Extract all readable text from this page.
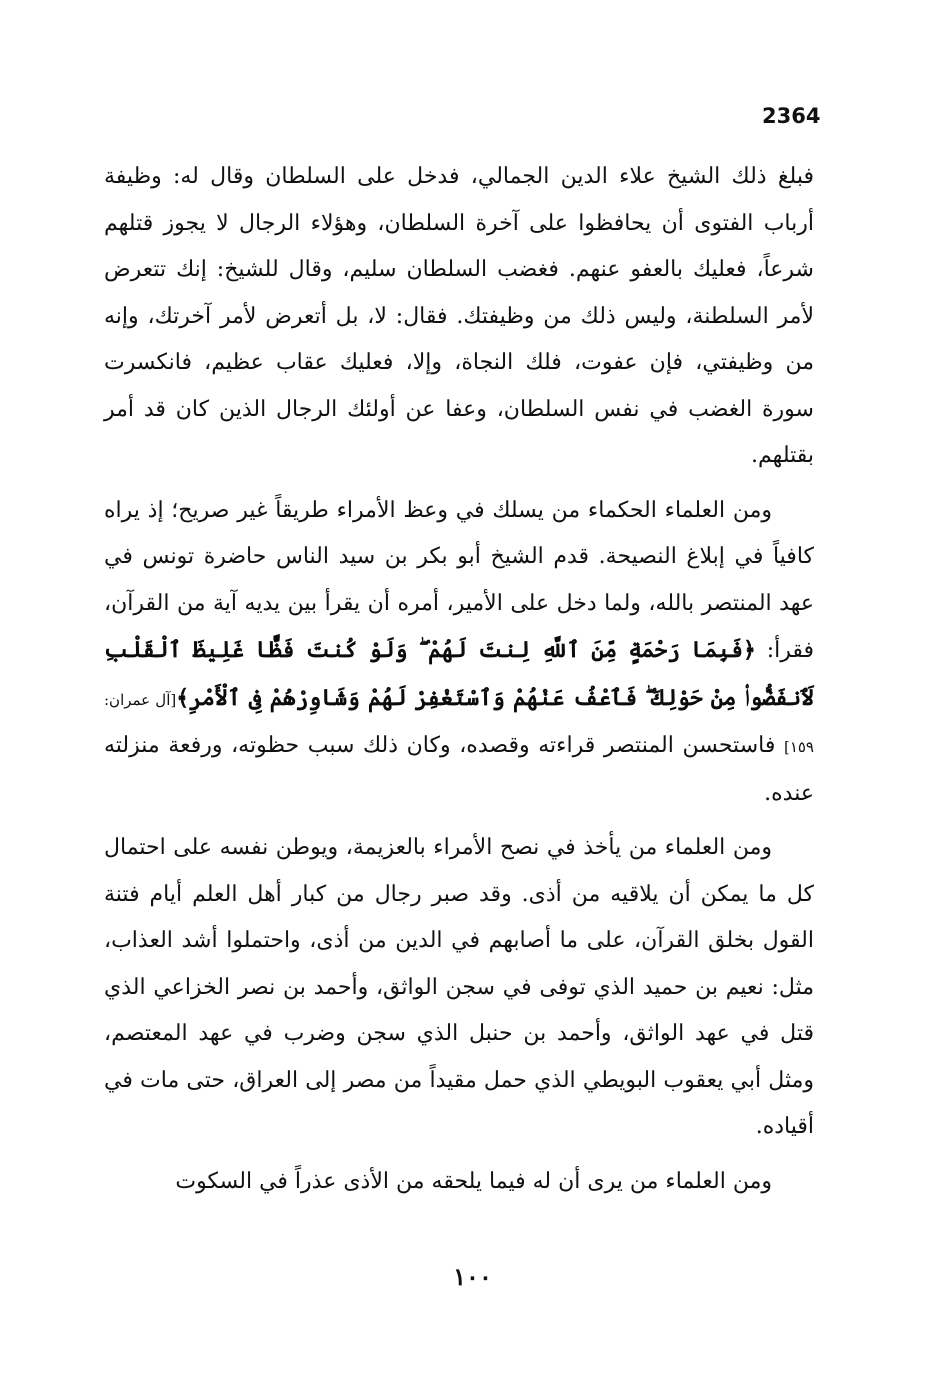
2364

فبلغ ذلك الشيخ علاء الدين الجمالي، فدخل على السلطان وقال له: وظيفة أرباب الفتوى أن يحافظوا على آخرة السلطان، وهؤلاء الرجال لا يجوز قتلهم شرعاً، فعليك بالعفو عنهم. فغضب السلطان سليم، وقال للشيخ: إنك تتعرض لأمر السلطنة، وليس ذلك من وظيفتك. فقال: لا، بل أتعرض لأمر آخرتك، وإنه من وظيفتي، فإن عفوت، فلك النجاة، وإلا، فعليك عقاب عظيم، فانكسرت سورة الغضب في نفس السلطان، وعفا عن أولئك الرجال الذين كان قد أمر بقتلهم.

ومن العلماء الحكماء من يسلك في وعظ الأمراء طريقاً غير صريح؛ إذ يراه كافياً في إبلاغ النصيحة. قدم الشيخ أبو بكر بن سيد الناس حاضرة تونس في عهد المنتصر بالله، ولما دخل على الأمير، أمره أن يقرأ بين يديه آية من القرآن، فقرأ: ﴿فَبِمَا رَحْمَةٍ مِّنَ ٱللَّهِ لِنتَ لَهُمْ ۖ وَلَوْ كُنتَ فَظًّا غَلِيظَ ٱلْقَلْبِ لَٱنفَضُّوا۟ مِنْ حَوْلِكَ ۖ فَٱعْفُ عَنْهُمْ وَٱسْتَغْفِرْ لَهُمْ وَشَاوِرْهُمْ فِى ٱلْأَمْرِ﴾[آل عمران: ١٥٩] فاستحسن المنتصر قراءته وقصده، وكان ذلك سبب حظوته، ورفعة منزلته عنده.

ومن العلماء من يأخذ في نصح الأمراء بالعزيمة، ويوطن نفسه على احتمال كل ما يمكن أن يلاقيه من أذى. وقد صبر رجال من كبار أهل العلم أيام فتنة القول بخلق القرآن، على ما أصابهم في الدين من أذى، واحتملوا أشد العذاب، مثل: نعيم بن حميد الذي توفى في سجن الواثق، وأحمد بن نصر الخزاعي الذي قتل في عهد الواثق، وأحمد بن حنبل الذي سجن وضرب في عهد المعتصم، ومثل أبي يعقوب البويطي الذي حمل مقيداً من مصر إلى العراق، حتى مات في أقياده.

ومن العلماء من يرى أن له فيما يلحقه من الأذى عذراً في السكوت

١٠٠
